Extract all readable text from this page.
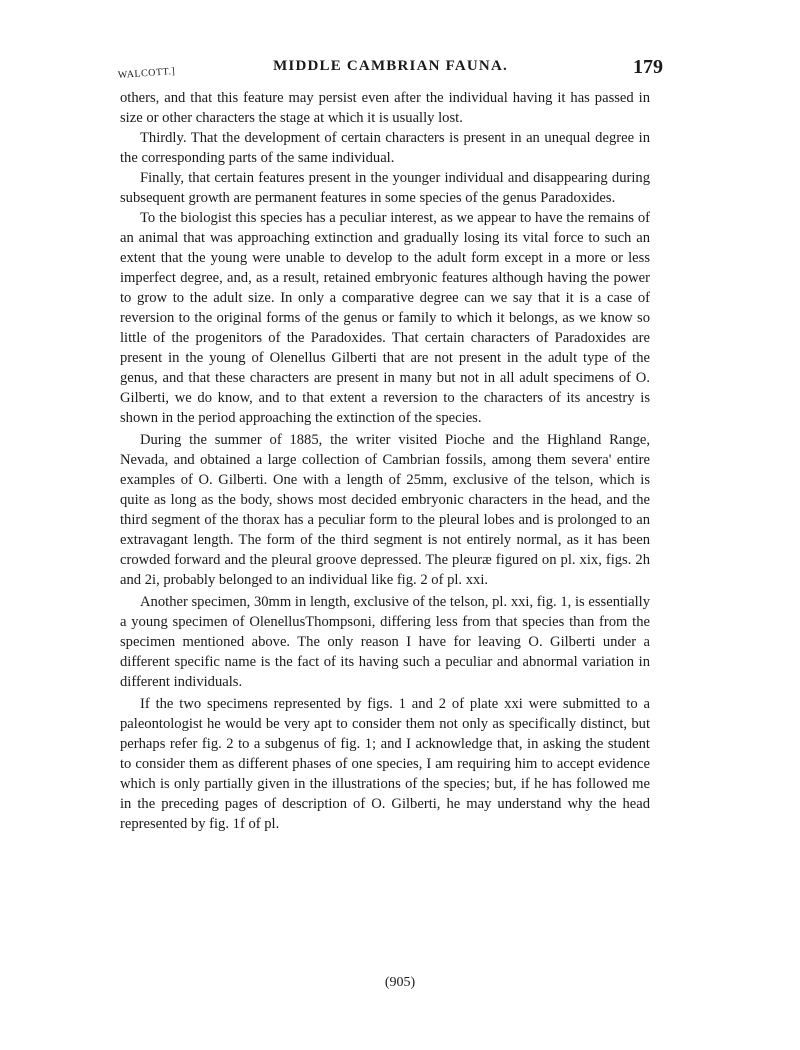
WALCOTT.]	MIDDLE CAMBRIAN FAUNA.	179

others, and that this feature may persist even after the individual having it has passed in size or other characters the stage at which it is usually lost.

Thirdly. That the development of certain characters is present in an unequal degree in the corresponding parts of the same individual.

Finally, that certain features present in the younger individual and disappearing during subsequent growth are permanent features in some species of the genus Paradoxides.

To the biologist this species has a peculiar interest, as we appear to have the remains of an animal that was approaching extinction and gradually losing its vital force to such an extent that the young were unable to develop to the adult form except in a more or less imperfect degree, and, as a result, retained embryonic features although having the power to grow to the adult size. In only a comparative degree can we say that it is a case of reversion to the original forms of the genus or family to which it belongs, as we know so little of the progenitors of the Paradoxides. That certain characters of Paradoxides are present in the young of Olenellus Gilberti that are not present in the adult type of the genus, and that these characters are present in many but not in all adult specimens of O. Gilberti, we do know, and to that extent a reversion to the characters of its ancestry is shown in the period approaching the extinction of the species.

During the summer of 1885, the writer visited Pioche and the Highland Range, Nevada, and obtained a large collection of Cambrian fossils, among them severa' entire examples of O. Gilberti. One with a length of 25mm, exclusive of the telson, which is quite as long as the body, shows most decided embryonic characters in the head, and the third segment of the thorax has a peculiar form to the pleural lobes and is prolonged to an extravagant length. The form of the third segment is not entirely normal, as it has been crowded forward and the pleural groove depressed. The pleuræ figured on pl. xix, figs. 2h and 2i, probably belonged to an individual like fig. 2 of pl. xxi.

Another specimen, 30mm in length, exclusive of the telson, pl. xxi, fig. 1, is essentially a young specimen of OlenellusThompsoni, differing less from that species than from the specimen mentioned above. The only reason I have for leaving O. Gilberti under a different specific name is the fact of its having such a peculiar and abnormal variation in different individuals.

If the two specimens represented by figs. 1 and 2 of plate xxi were submitted to a paleontologist he would be very apt to consider them not only as specifically distinct, but perhaps refer fig. 2 to a subgenus of fig. 1; and I acknowledge that, in asking the student to consider them as different phases of one species, I am requiring him to accept evidence which is only partially given in the illustrations of the species; but, if he has followed me in the preceding pages of description of O. Gilberti, he may understand why the head represented by fig. 1f of pl.

(905)
